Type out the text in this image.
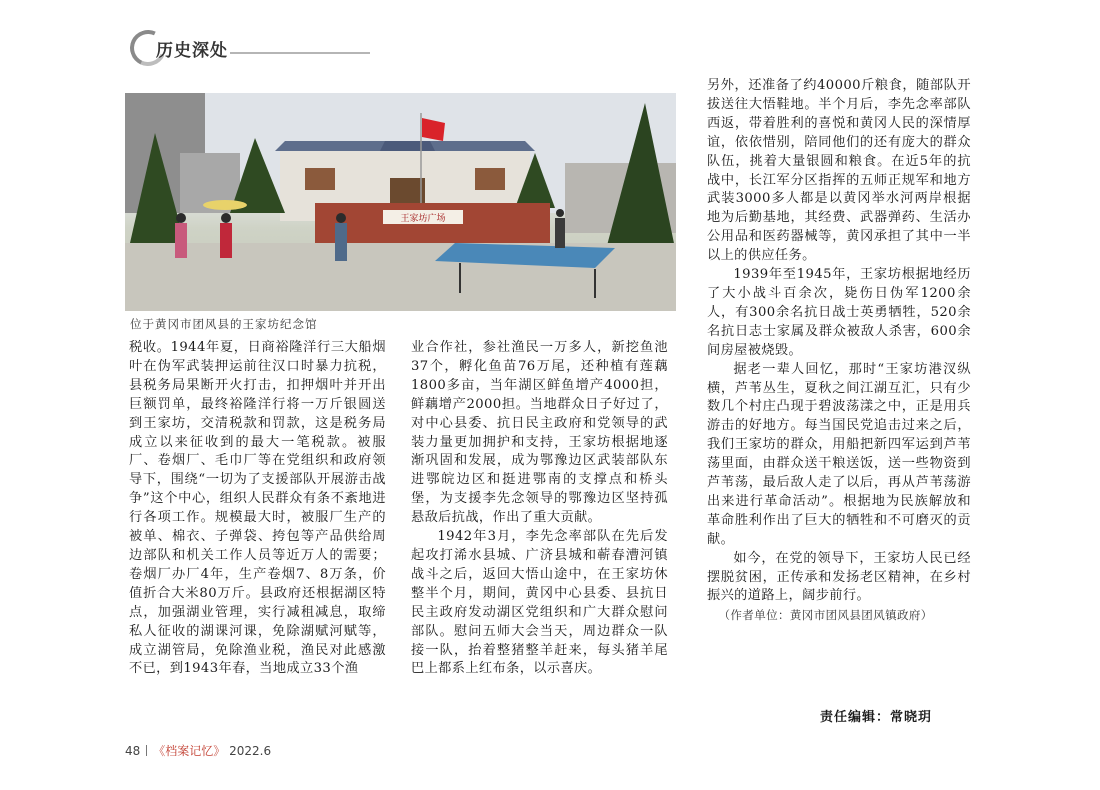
历史深处
王家坊广场
位于黄冈市团风县的王家坊纪念馆

税收。1944年夏，日商裕隆洋行三大船烟叶在伪军武装押运前往汉口时暴力抗税，县税务局果断开火打击，扣押烟叶并开出巨额罚单，最终裕隆洋行将一万斤银圆送到王家坊，交清税款和罚款，这是税务局成立以来征收到的最大一笔税款。被服厂、卷烟厂、毛巾厂等在党组织和政府领导下，围绕“一切为了支援部队开展游击战争”这个中心，组织人民群众有条不紊地进行各项工作。规模最大时，被服厂生产的被单、棉衣、子弹袋、挎包等产品供给周边部队和机关工作人员等近万人的需要；卷烟厂办厂4年，生产卷烟7、8万条，价值折合大米80万斤。县政府还根据湖区特点，加强湖业管理，实行减租减息，取缔私人征收的湖课河课，免除湖赋河赋等，成立湖管局，免除渔业税，渔民对此感激不已，到1943年春，当地成立33个渔

业合作社，参社渔民一万多人，新挖鱼池37个，孵化鱼苗76万尾，还种植有莲藕1800多亩，当年湖区鲜鱼增产4000担，鲜藕增产2000担。当地群众日子好过了，对中心县委、抗日民主政府和党领导的武装力量更加拥护和支持，王家坊根据地逐渐巩固和发展，成为鄂豫边区武装部队东进鄂皖边区和挺进鄂南的支撑点和桥头堡，为支援李先念领导的鄂豫边区坚持孤悬敌后抗战，作出了重大贡献。

1942年3月，李先念率部队在先后发起攻打浠水县城、广济县城和蕲春漕河镇战斗之后，返回大悟山途中，在王家坊休整半个月，期间，黄冈中心县委、县抗日民主政府发动湖区党组织和广大群众慰问部队。慰问五师大会当天，周边群众一队接一队，抬着整猪整羊赶来，每头猪羊尾巴上都系上红布条，以示喜庆。

另外，还准备了约40000斤粮食，随部队开拔送往大悟鞋地。半个月后，李先念率部队西返，带着胜利的喜悦和黄冈人民的深情厚谊，依依惜别，陪同他们的还有庞大的群众队伍，挑着大量银圆和粮食。在近5年的抗战中，长江军分区指挥的五师正规军和地方武装3000多人都是以黄冈举水河两岸根据地为后勤基地，其经费、武器弹药、生活办公用品和医药器械等，黄冈承担了其中一半以上的供应任务。

1939年至1945年，王家坊根据地经历了大小战斗百余次，毙伤日伪军1200余人，有300余名抗日战士英勇牺牲，520余名抗日志士家属及群众被敌人杀害，600余间房屋被烧毁。

据老一辈人回忆，那时“王家坊港汊纵横，芦苇丛生，夏秋之间江湖互汇，只有少数几个村庄凸现于碧波荡漾之中，正是用兵游击的好地方。每当国民党追击过来之后，我们王家坊的群众，用船把新四军运到芦苇荡里面，由群众送干粮送饭，送一些物资到芦苇荡，最后敌人走了以后，再从芦苇荡游出来进行革命活动”。根据地为民族解放和革命胜利作出了巨大的牺牲和不可磨灭的贡献。

如今，在党的领导下，王家坊人民已经摆脱贫困，正传承和发扬老区精神，在乡村振兴的道路上，阔步前行。

（作者单位：黄冈市团风县团风镇政府）
责任编辑：常晓玥
48 《档案记忆》 2022.6
